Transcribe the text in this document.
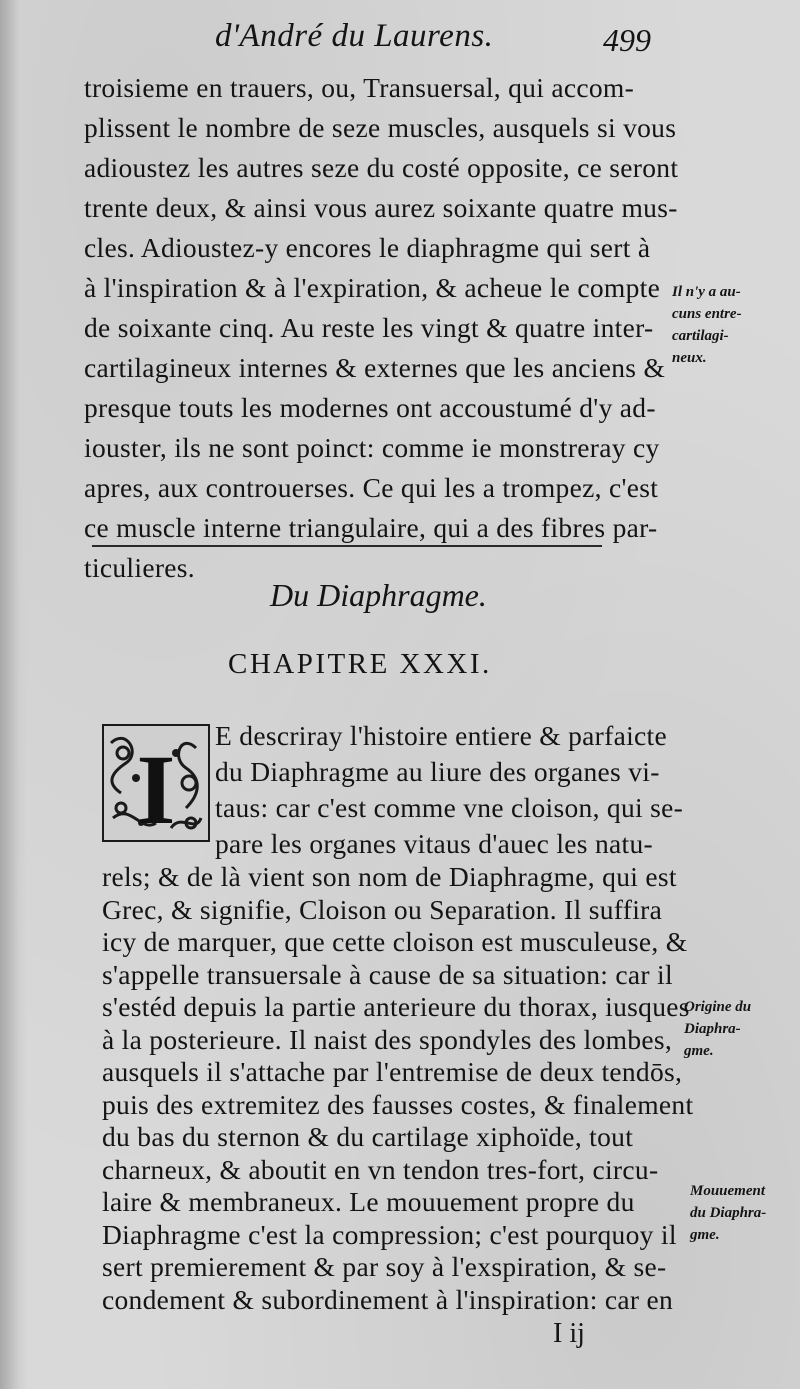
d'André du Laurens.	499
troisieme en trauers, ou, Transuersal, qui accom-
plissent le nombre de seze muscles, ausquels si vous
adioustez les autres seze du costé opposite, ce seront
trente deux, & ainsi vous aurez soixante quatre mus-
cles. Adioustez-y encores le diaphragme qui sert à
à l'inspiration & à l'expiration, & acheue le compte
de soixante cinq. Au reste les vingt & quatre inter-
cartilagineux internes & externes que les anciens &
presque touts les modernes ont accoustumé d'y ad-
iouster, ils ne sont poinct: comme ie monstreray cy
apres, aux controuerses. Ce qui les a trompez, c'est
ce muscle interne triangulaire, qui a des fibres par-
ticulieres.
Il n'y a au-
cuns entre-
cartilagi-
neux.
Du Diaphragme.
CHAPITRE XXXI.
I E descriray l'histoire entiere & parfaicte
du Diaphragme au liure des organes vi-
taus: car c'est comme vne cloison, qui se-
pare les organes vitaus d'auec les natu-
rels; & de là vient son nom de Diaphragme, qui est
Grec, & signifie, Cloison ou Separation. Il suffira
icy de marquer, que cette cloison est musculeuse, &
s'appelle transuersale à cause de sa situation: car il
s'estéd depuis la partie anterieure du thorax, iusques
à la posterieure. Il naist des spondyles des lombes,
ausquels il s'attache par l'entremise de deux tendōs,
puis des extremitez des fausses costes, & finalement
du bas du sternon & du cartilage xiphoïde, tout
charneux, & aboutit en vn tendon tres-fort, circu-
laire & membraneux. Le mouuement propre du
Diaphragme c'est la compression; c'est pourquoy il
sert premierement & par soy à l'exspiration, & se-
condement & subordinement à l'inspiration: car en
Origine du
Diaphra-
gme.
Mouuement
du Diaphra-
gme.
I ij
